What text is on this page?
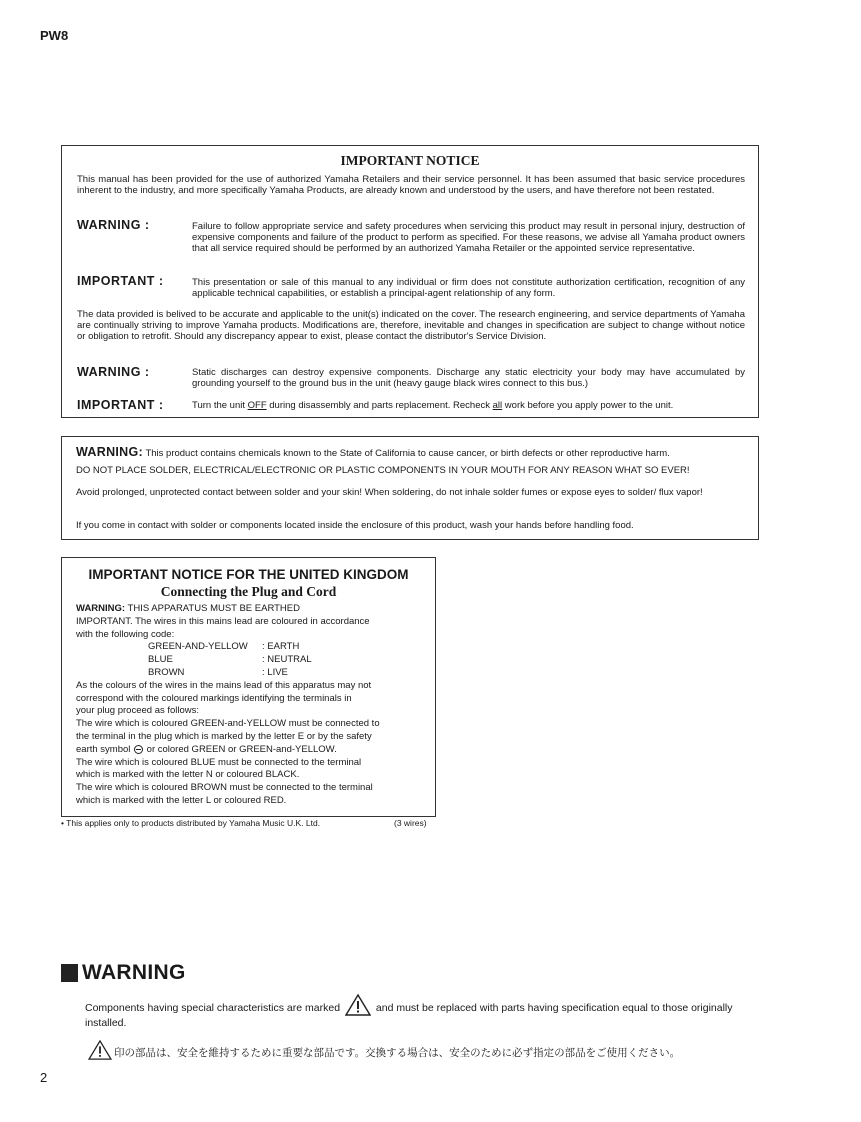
PW8
IMPORTANT NOTICE
This manual has been provided for the use of authorized Yamaha Retailers and their service personnel. It has been assumed that basic service procedures inherent to the industry, and more specifically Yamaha Products, are already known and understood by the users, and have therefore not been restated.
WARNING :	Failure to follow appropriate service and safety procedures when servicing this product may result in personal injury, destruction of expensive components and failure of the product to perform as specified. For these reasons, we advise all Yamaha product owners that all service required should be performed by an authorized Yamaha Retailer or the appointed service representative.
IMPORTANT :	This presentation or sale of this manual to any individual or firm does not constitute authorization certification, recognition of any applicable technical capabilities, or establish a principal-agent relationship of any form.
The data provided is belived to be accurate and applicable to the unit(s) indicated on the cover. The research engineering, and service departments of Yamaha are continually striving to improve Yamaha products. Modifications are, therefore, inevitable and changes in specification are subject to change without notice or obligation to retrofit. Should any discrepancy appear to exist, please contact the distributor's Service Division.
WARNING :	Static discharges can destroy expensive components. Discharge any static electricity your body may have accumulated by grounding yourself to the ground bus in the unit (heavy gauge black wires connect to this bus.)
IMPORTANT :	Turn the unit OFF during disassembly and parts replacement. Recheck all work before you apply power to the unit.
WARNING: This product contains chemicals known to the State of California to cause cancer, or birth defects or other reproductive harm.
DO NOT PLACE SOLDER, ELECTRICAL/ELECTRONIC OR PLASTIC COMPONENTS IN YOUR MOUTH FOR ANY REASON WHAT SO EVER!
Avoid prolonged, unprotected contact between solder and your skin! When soldering, do not inhale solder fumes or expose eyes to solder/ flux vapor!
If you come in contact with solder or components located inside the enclosure of this product, wash your hands before handling food.
IMPORTANT NOTICE FOR THE UNITED KINGDOM
Connecting the Plug and Cord
WARNING: THIS APPARATUS MUST BE EARTHED
IMPORTANT. The wires in this mains lead are coloured in accordance
with the following code:
GREEN-AND-YELLOW : EARTH
BLUE	: NEUTRAL
BROWN	: LIVE
As the colours of the wires in the mains lead of this apparatus may not
correspond with the coloured markings identifying the terminals in
your plug proceed as follows:
The wire which is coloured GREEN-and-YELLOW must be connected to
the terminal in the plug which is marked by the letter E or by the safety
earth symbol or colored GREEN or GREEN-and-YELLOW.
The wire which is coloured BLUE must be connected to the terminal
which is marked with the letter N or coloured BLACK.
The wire which is coloured BROWN must be connected to the terminal
which is marked with the letter L or coloured RED.
• This applies only to products distributed by Yamaha Music U.K. Ltd.	(3 wires)
WARNING
Components having special characteristics are marked	and must be replaced with parts having specification equal to those originally installed.
印の部品は、安全を維持するために重要な部品です。交換する場合は、安全のために必ず指定の部品をご使用ください。
2
